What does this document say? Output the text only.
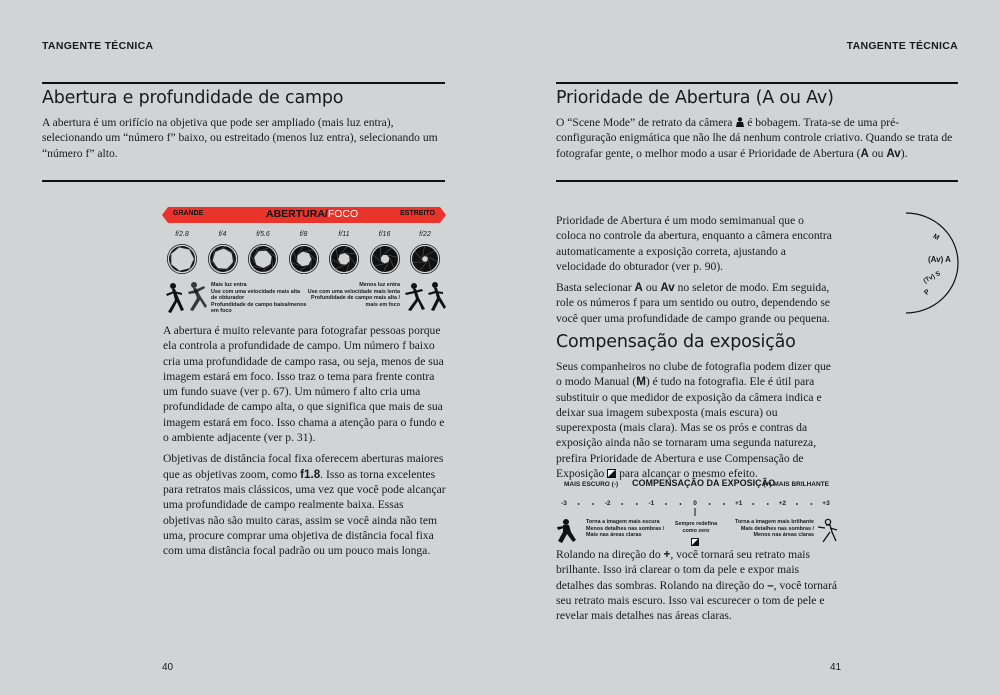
TANGENTE TÉCNICA
Abertura e profundidade de campo
A abertura é um orifício na objetiva que pode ser ampliado (mais luz entra), selecionando um “número f” baixo, ou estreitado (menos luz entra), selecionando um “número f” alto.
GRANDE	ABERTURA/FOCO	ESTREITO
f/2.8	f/4	f/5.6	f/8	f/11	f/16	f/22
Mais luz entra
Use com uma velocidade mais alta
de obturador
Profundidade de campo baixa/menos
em foco
Menos luz entra
Use com uma velocidade mais lenta
Profundidade de campo mais alta /
mais em foco

A abertura é muito relevante para fotografar pessoas porque ela controla a profundidade de campo. Um número f baixo cria uma profundidade de campo rasa, ou seja, menos de sua imagem estará em foco. Isso traz o tema para frente contra um fundo suave (ver p. 67). Um número f alto cria uma profundidade de campo alta, o que significa que mais de sua imagem estará em foco. Isso chama a atenção para o fundo e o ambiente adjacente (ver p. 31).

Objetivas de distância focal fixa oferecem aberturas maiores que as objetivas zoom, como f1.8. Isso as torna excelentes para retratos mais clássicos, uma vez que você pode alcançar uma profundidade de campo realmente baixa. Essas objetivas não são muito caras, assim se você ainda não tem uma, procure comprar uma objetiva de distância focal fixa com uma distância focal padrão ou um pouco mais longa.

40
TANGENTE TÉCNICA
Prioridade de Abertura (A ou Av)
O “Scene Mode” de retrato da câmera  é bobagem. Trata-se de uma pré-configuração enigmática que não lhe dá nenhum controle criativo. Quando se trata de fotografar gente, o melhor modo a usar é Prioridade de Abertura (A ou Av).

Prioridade de Abertura é um modo semimanual que o coloca no controle da abertura, enquanto a câmera encontra automaticamente a exposição correta, ajustando a velocidade do obturador (ver p. 90).

Basta selecionar A ou Av no seletor de modo. Em seguida, role os números f para um sentido ou outro, dependendo se você quer uma profundidade de campo grande ou pequena.

M
(Av) A
(Tv) S
P
Compensação da exposição
Seus companheiros no clube de fotografia podem dizer que o modo Manual (M) é tudo na fotografia. Ele é útil para substituir o que medidor de exposição da câmera indica e deixar sua imagem subexposta (mais escura) ou superexposta (mais clara). Mas se os prós e contras da exposição ainda não se tornaram uma segunda natureza, prefira Prioridade de Abertura e use Compensação de Exposição  para alcançar o mesmo efeito.
MAIS ESCURO (-) COMPENSAÇÃO DA EXPOSIÇÃO
(+) MAIS BRILHANTE
-3	-2	-1	0	+1	+2	+3
Torna a imagem mais escura
Menos detalhes nas sombras /
Mais nas áreas claras
Sempre redefina
como zero
Torna a imagem mais brilhante
Mais detalhes nas sombras /
Menos nas áreas claras
Rolando na direção do +, você tornará seu retrato mais brilhante. Isso irá clarear o tom da pele e expor mais detalhes das sombras. Rolando na direção do –, você tornará seu retrato mais escuro. Isso vai escurecer o tom de pele e revelar mais detalhes nas áreas claras.
41
